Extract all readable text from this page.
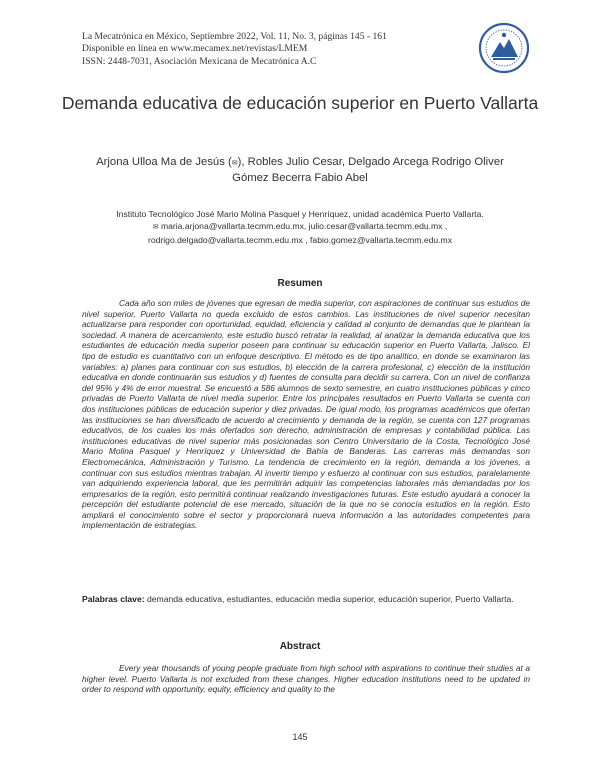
La Mecatrónica en México, Septiembre 2022, Vol. 11, No. 3, páginas 145 - 161
Disponible en línea en www.mecamex.net/revistas/LMEM
ISSN: 2448-7031, Asociación Mexicana de Mecatrónica A.C
Demanda educativa de educación superior en Puerto Vallarta
Arjona Ulloa Ma de Jesús (✉), Robles Julio Cesar, Delgado Arcega Rodrigo Oliver
Gómez Becerra Fabio Abel
Instituto Tecnológico José Mario Molina Pasquel y Henríquez, unidad académica Puerto Vallarta.
✉ maria.arjona@vallarta.tecmm.edu.mx, julio.cesar@vallarta.tecmm.edu.mx ,
rodrigo.delgado@vallarta.tecmm.edu.mx , fabio.gomez@vallarta.tecmm.edu.mx
Resumen
Cada año son miles de jóvenes que egresan de media superior, con aspiraciones de continuar sus estudios de nivel superior, Puerto Vallarta no queda excluido de estos cambios. Las instituciones de nivel superior necesitan actualizarse para responder con oportunidad, equidad, eficiencia y calidad al conjunto de demandas que le plantean la sociedad. A manera de acercamiento, este estudio buscó retratar la realidad, al analizar la demanda educativa que los estudiantes de educación media superior poseen para continuar su educación superior en Puerto Vallarta, Jalisco. El tipo de estudio es cuantitativo con un enfoque descriptivo. El método es de tipo analítico, en donde se examinaron las variables: a) planes para continuar con sus estudios, b) elección de la carrera profesional, c) elección de la institución educativa en donde continuarán sus estudios y d) fuentes de consulta para decidir su carrera. Con un nivel de confianza del 95% y 4% de error muestral. Se encuestó a 586 alumnos de sexto semestre, en cuatro instituciones públicas y cinco privadas de Puerto Vallarta de nivel media superior. Entre los principales resultados en Puerto Vallarta se cuenta con dos instituciones públicas de educación superior y diez privadas. De igual modo, los programas académicos que ofertan las instituciones se han diversificado de acuerdo al crecimiento y demanda de la región, se cuenta con 127 programas educativos, de los cuales los más ofertados son derecho, administración de empresas y contabilidad pública. Las instituciones educativas de nivel superior más posicionadas son Centro Universitario de la Costa, Tecnológico José Mario Molina Pasquel y Henríquez y Universidad de Bahía de Banderas. Las carreras más demandas son Electromecánica, Administración y Turismo. La tendencia de crecimiento en la región, demanda a los jóvenes, a continuar con sus estudios mientras trabajan. Al invertir tiempo y esfuerzo al continuar con sus estudios, paralelamente van adquiriendo experiencia laboral, que les permitirán adquirir las competencias laborales más demandadas por los empresarios de la región, esto permitirá continuar realizando investigaciones futuras. Este estudio ayudará a conocer la percepción del estudiante potencial de ese mercado, situación de la que no se conocía estudios en la región. Esto ampliará el conocimiento sobre el sector y proporcionará nueva información a las autoridades competentes para implementación de estrategias.
Palabras clave: demanda educativa, estudiantes, educación media superior, educación superior, Puerto Vallarta.
Abstract
Every year thousands of young people graduate from high school with aspirations to continue their studies at a higher level. Puerto Vallarta is not excluded from these changes. Higher education institutions need to be updated in order to respond with opportunity, equity, efficiency and quality to the
145
